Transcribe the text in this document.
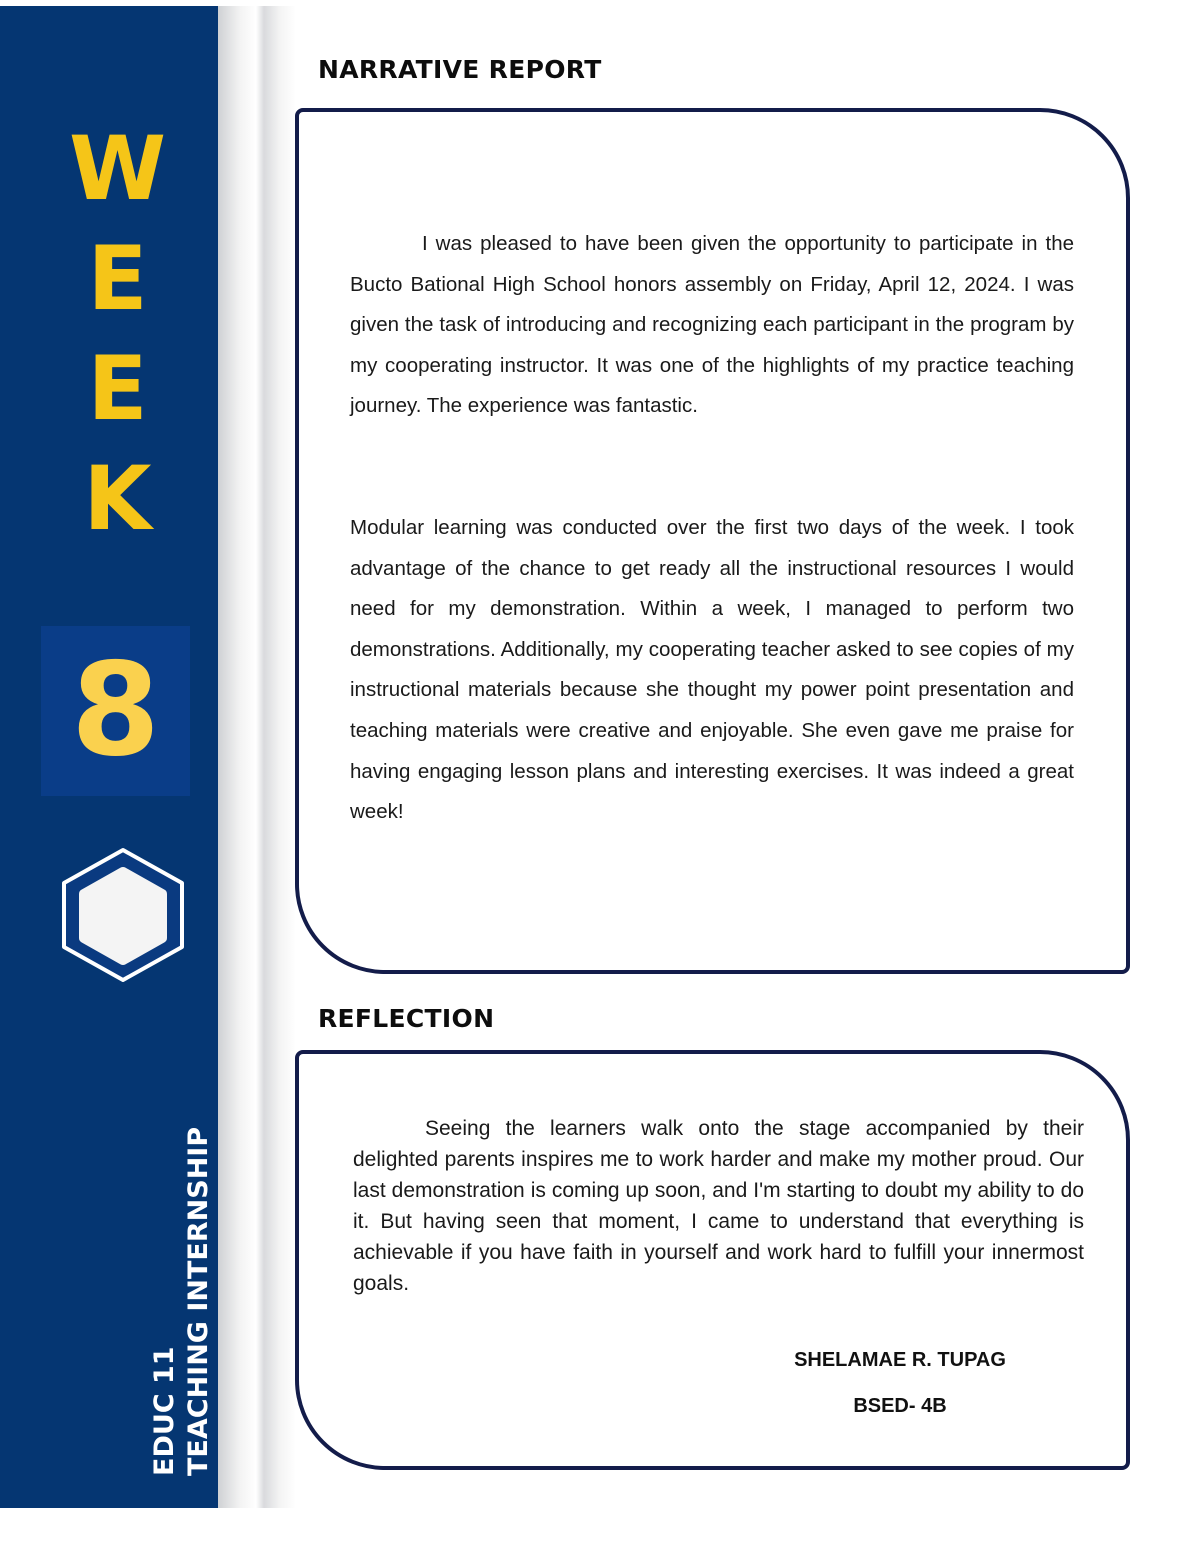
W
E
E
K
8
EDUC 11 TEACHING INTERNSHIP
NARRATIVE REPORT

I was pleased to have been given the opportunity to participate in the Bucto Bational High School honors assembly on Friday, April 12, 2024. I was given the task of introducing and recognizing each participant in the program by my cooperating instructor. It was one of the highlights of my practice teaching journey. The experience was fantastic.

Modular learning was conducted over the first two days of the week. I took advantage of the chance to get ready all the instructional resources I would need for my demonstration. Within a week, I managed to perform two demonstrations. Additionally, my cooperating teacher asked to see copies of my instructional materials because she thought my power point presentation and teaching materials were creative and enjoyable. She even gave me praise for having engaging lesson plans and interesting exercises. It was indeed a great week!

REFLECTION

Seeing the learners walk onto the stage accompanied by their delighted parents inspires me to work harder and make my mother proud. Our last demonstration is coming up soon, and I'm starting to doubt my ability to do it. But having seen that moment, I came to understand that everything is achievable if you have faith in yourself and work hard to fulfill your innermost goals.

SHELAMAE R. TUPAG
BSED- 4B
